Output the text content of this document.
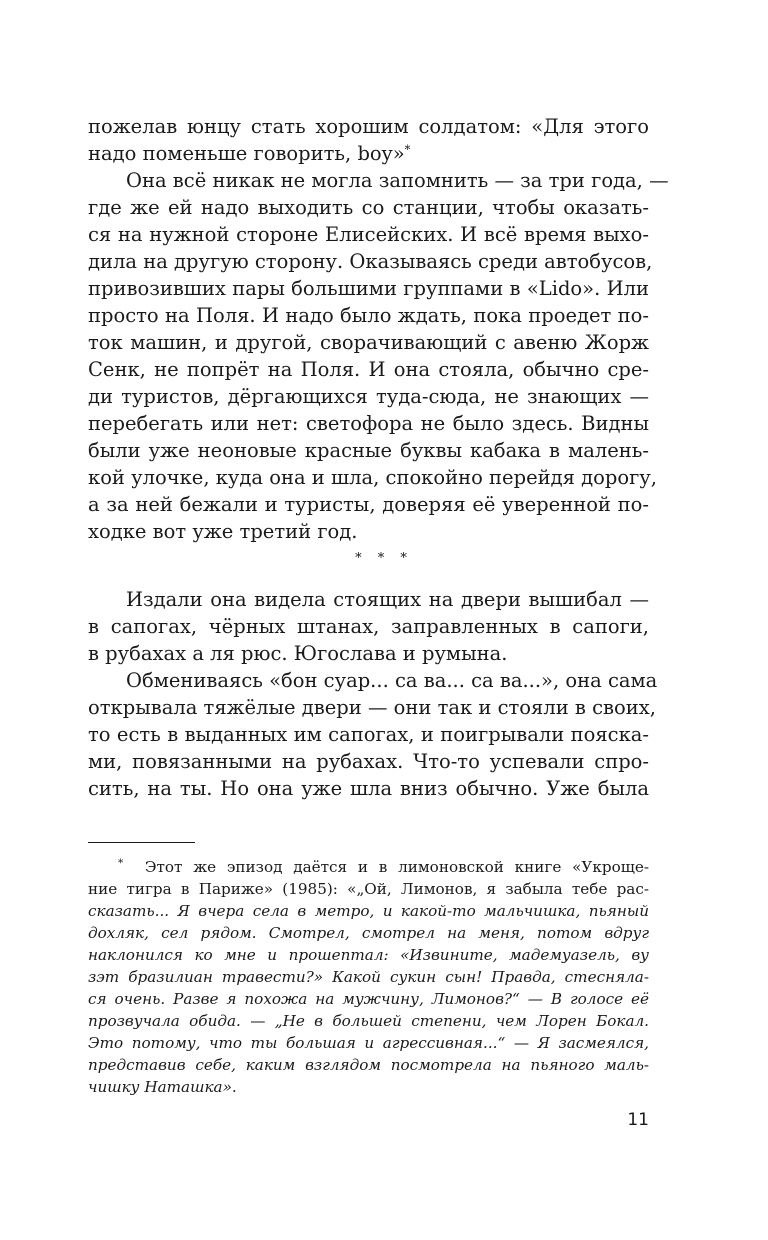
пожелав юнцу стать хорошим солдатом: «Для этого
надо поменьше говорить, boy»*
Она всё никак не могла запомнить — за три года, —
где же ей надо выходить со станции, чтобы оказать-
ся на нужной стороне Елисейских. И всё время выхо-
дила на другую сторону. Оказываясь среди автобусов,
привозивших пары большими группами в «Lido». Или
просто на Поля. И надо было ждать, пока проедет по-
ток машин, и другой, сворачивающий с авеню Жорж
Сенк, не попрёт на Поля. И она стояла, обычно сре-
ди туристов, дёргающихся туда-сюда, не знающих —
перебегать или нет: светофора не было здесь. Видны
были уже неоновые красные буквы кабака в малень-
кой улочке, куда она и шла, спокойно перейдя дорогу,
а за ней бежали и туристы, доверяя её уверенной по-
ходке вот уже третий год.
* * *
Издали она видела стоящих на двери вышибал —
в сапогах, чёрных штанах, заправленных в сапоги,
в рубахах а ля рюс. Югослава и румына.
Обмениваясь «бон суар... са ва... са ва...», она сама
открывала тяжёлые двери — они так и стояли в своих,
то есть в выданных им сапогах, и поигрывали пояска-
ми, повязанными на рубахах. Что-то успевали спро-
сить, на ты. Но она уже шла вниз обычно. Уже была
* Этот же эпизод даётся и в лимоновской книге «Укроще-
ние тигра в Париже» (1985): «„Ой, Лимонов, я забыла тебе рас-
сказать... Я вчера села в метро, и какой-то мальчишка, пьяный
дохляк, сел рядом. Смотрел, смотрел на меня, потом вдруг
наклонился ко мне и прошептал: «Извините, мадемуазель, ву
зэт бразилиан травести?» Какой сукин сын! Правда, стесняла-
ся очень. Разве я похожа на мужчину, Лимонов?“ — В голосе её
прозвучала обида. — „Не в большей степени, чем Лорен Бокал.
Это потому, что ты большая и агрессивная...“ — Я засмеялся,
представив себе, каким взглядом посмотрела на пьяного маль-
чишку Наташка».
11
